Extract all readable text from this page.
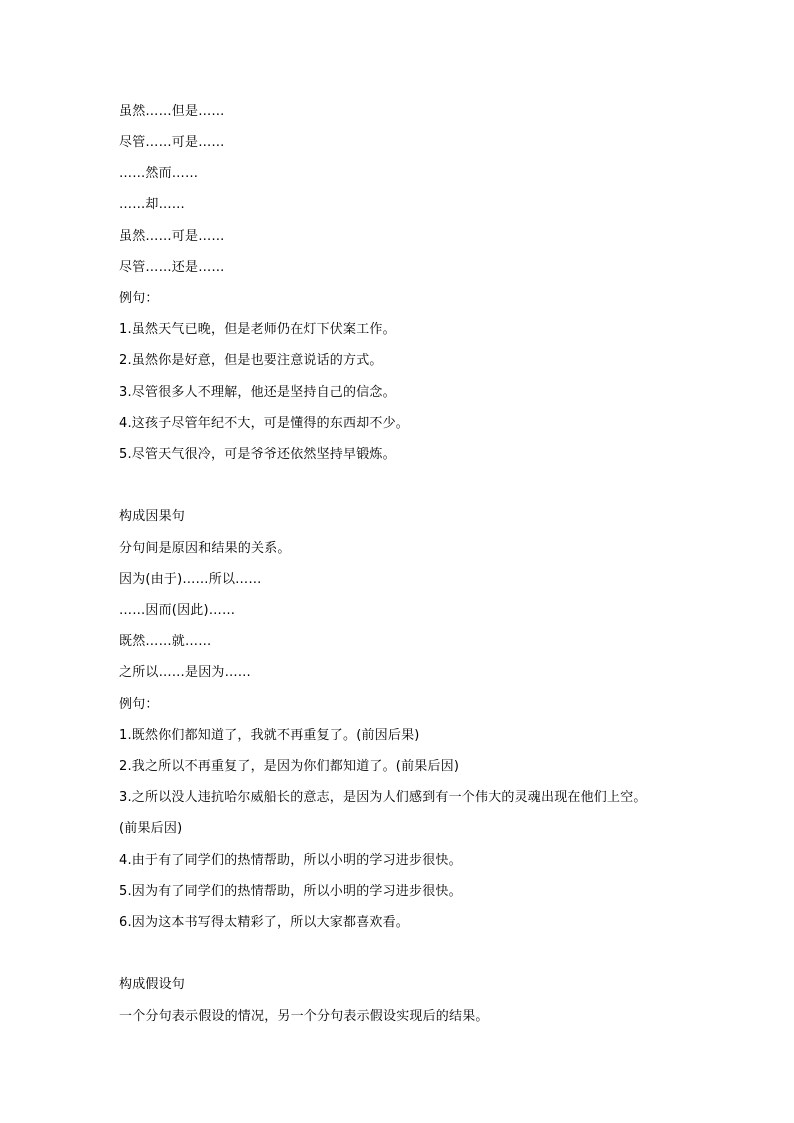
虽然……但是……
尽管……可是……
……然而……
……却……
虽然……可是……
尽管……还是……
例句：
1.虽然天气已晚，但是老师仍在灯下伏案工作。
2.虽然你是好意，但是也要注意说话的方式。
3.尽管很多人不理解，他还是坚持自己的信念。
4.这孩子尽管年纪不大，可是懂得的东西却不少。
5.尽管天气很冷，可是爷爷还依然坚持早锻炼。
构成因果句
分句间是原因和结果的关系。
因为(由于)……所以……
……因而(因此)……
既然……就……
之所以……是因为……
例句：
1.既然你们都知道了，我就不再重复了。(前因后果)
2.我之所以不再重复了，是因为你们都知道了。(前果后因)
3.之所以没人违抗哈尔威船长的意志，是因为人们感到有一个伟大的灵魂出现在他们上空。
(前果后因)
4.由于有了同学们的热情帮助，所以小明的学习进步很快。
5.因为有了同学们的热情帮助，所以小明的学习进步很快。
6.因为这本书写得太精彩了，所以大家都喜欢看。
构成假设句
一个分句表示假设的情况，另一个分句表示假设实现后的结果。
